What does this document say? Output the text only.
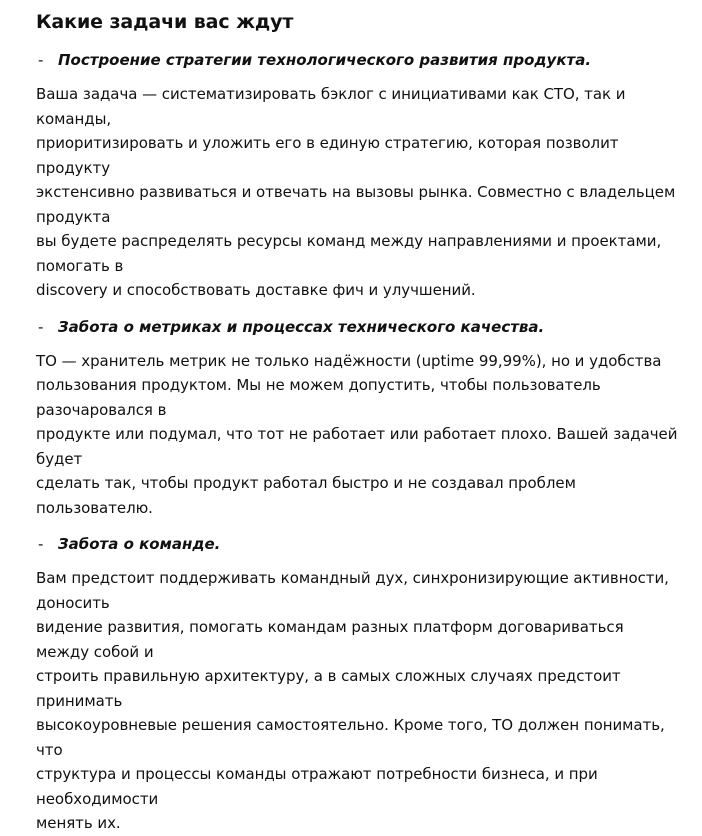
Какие задачи вас ждут
- Построение стратегии технологического развития продукта.

Ваша задача — систематизировать бэклог с инициативами как СТО, так и команды,
приоритизировать и уложить его в единую стратегию, которая позволит продукту
экстенсивно развиваться и отвечать на вызовы рынка. Совместно с владельцем продукта
вы будете распределять ресурсы команд между направлениями и проектами, помогать в
discovery и способствовать доставке фич и улучшений.

- Забота о метриках и процессах технического качества.

ТО — хранитель метрик не только надёжности (uptime 99,99%), но и удобства
пользования продуктом. Мы не можем допустить, чтобы пользователь разочаровался в
продукте или подумал, что тот не работает или работает плохо. Вашей задачей будет
сделать так, чтобы продукт работал быстро и не создавал проблем пользователю.

- Забота о команде.

Вам предстоит поддерживать командный дух, синхронизирующие активности, доносить
видение развития, помогать командам разных платформ договариваться между собой и
строить правильную архитектуру, а в самых сложных случаях предстоит принимать
высокоуровневые решения самостоятельно. Кроме того, ТО должен понимать, что
структура и процессы команды отражают потребности бизнеса, и при необходимости
менять их.
